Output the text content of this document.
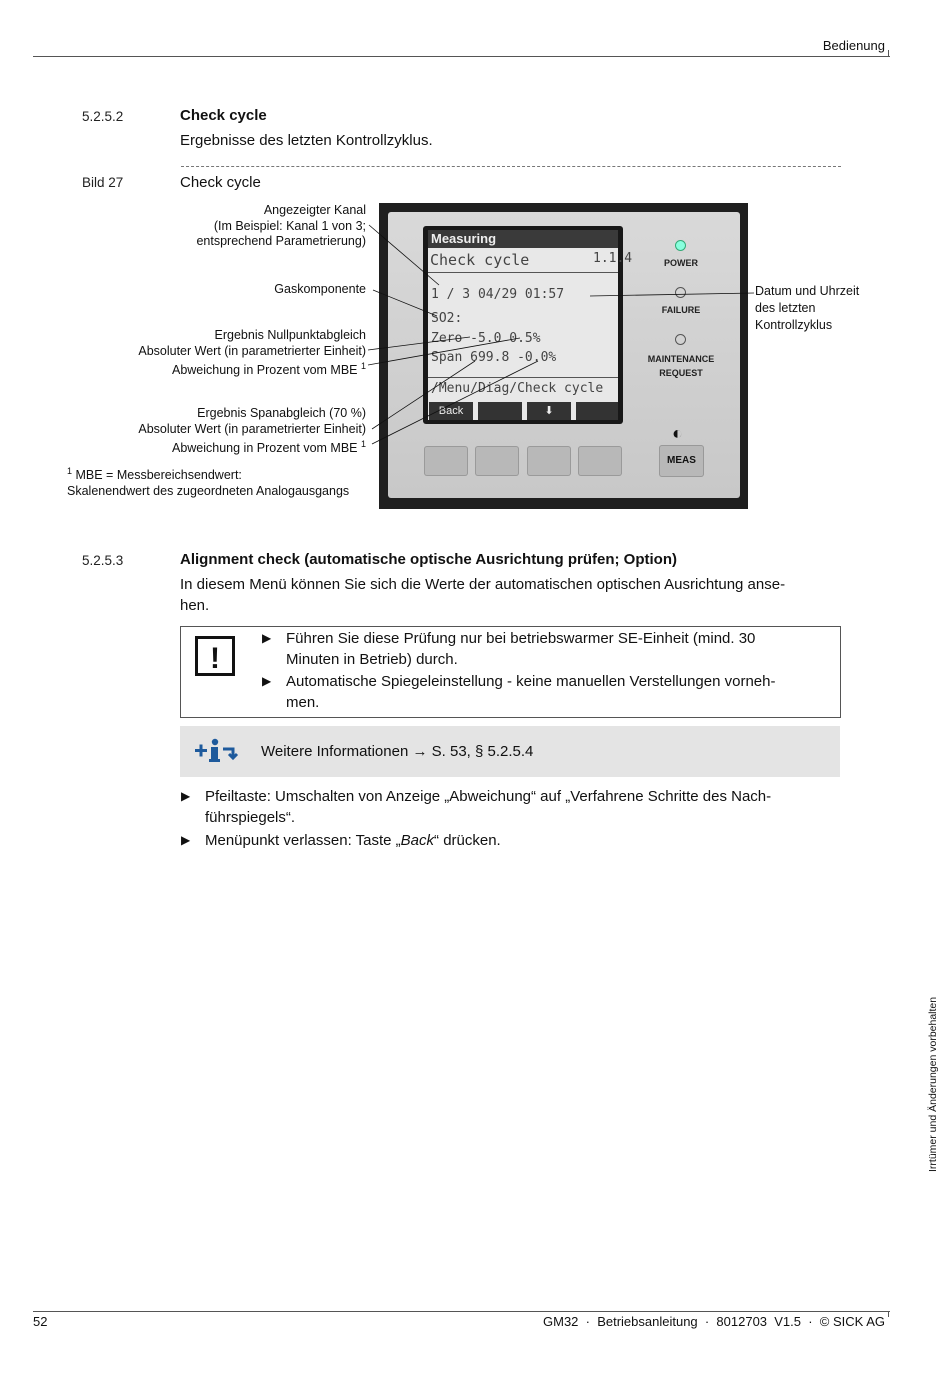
Bedienung
5.2.5.2	Check cycle
Ergebnisse des letzten Kontrollzyklus.
Bild 27	Check cycle
Angezeigter Kanal
(Im Beispiel: Kanal 1 von 3;
entsprechend Parametrierung)
Gaskomponente
Ergebnis Nullpunktabgleich
Absoluter Wert (in parametrierter Einheit)
Abweichung in Prozent vom MBE $^1$
Ergebnis Spanabgleich (70 %)
Absoluter Wert (in parametrierter Einheit)
Abweichung in Prozent vom MBE $^1$
$^1$ MBE = Messbereichsendwert:
Skalenendwert des zugeordneten Analogausgangs
Datum und Uhrzeit
des letzten
Kontrollzyklus
Measuring
Check cycle	1.1.4
1 / 3 04/29 01:57
SO2:
Zero -5.0 0.5%
Span 699.8 -0.0%
/Menu/Diag/Check cycle
Back	⬇
POWER
FAILURE
MAINTENANCE
REQUEST
◐
MEAS
5.2.5.3	Alignment check (automatische optische Ausrichtung prüfen; Option)
In diesem Menü können Sie sich die Werte der automatischen optischen Ausrichtung anse-
hen.
!
▶ Führen Sie diese Prüfung nur bei betriebswarmer SE-Einheit (mind. 30
Minuten in Betrieb) durch.
▶ Automatische Spiegeleinstellung - keine manuellen Verstellungen vorneh-
men.
Weitere Informationen → S. 53, § 5.2.5.4
▶ Pfeiltaste: Umschalten von Anzeige „Abweichung“ auf „Verfahrene Schritte des Nach-
führspiegels“.
▶ Menüpunkt verlassen: Taste „Back“ drücken.
Irrtümer und Änderungen vorbehalten
52	GM32  ·  Betriebsanleitung  ·  8012703  V1.5  ·  © SICK AG
